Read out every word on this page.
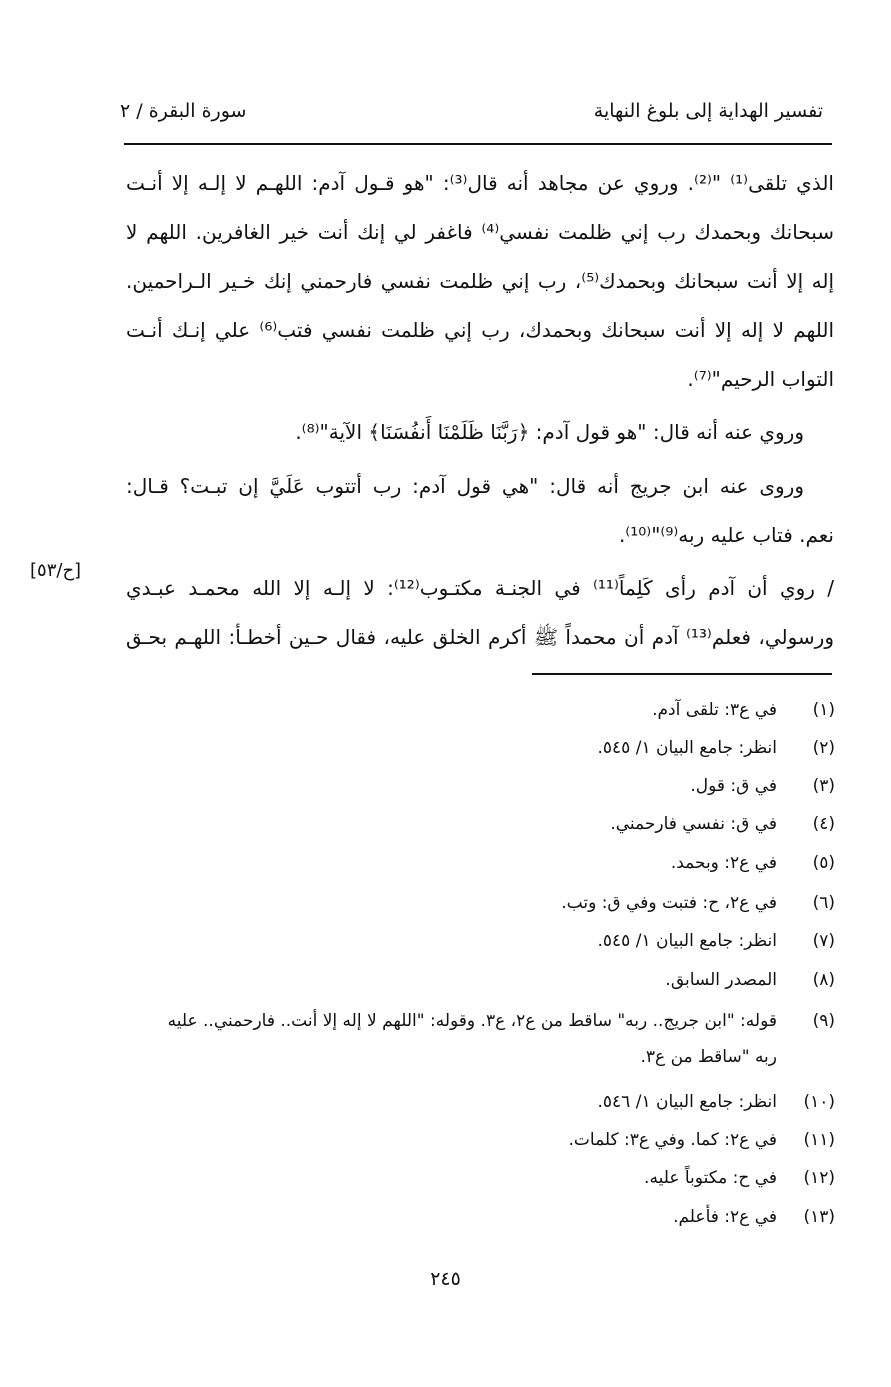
تفسير الهداية إلى بلوغ النهاية
سورة البقرة / ٢
الذي تلقى⁽¹⁾ "⁽²⁾. وروي عن مجاهد أنه قال⁽³⁾: "هو قـول آدم: اللهـم لا إلـه إلا أنـت
سبحانك وبحمدك رب إني ظلمت نفسي⁽⁴⁾ فاغفر لي إنك أنت خير الغافرين. اللهم لا
إله إلا أنت سبحانك وبحمدك⁽⁵⁾، رب إني ظلمت نفسي فارحمني إنك خـير الـراحمين.
اللهم لا إله إلا أنت سبحانك وبحمدك، رب إني ظلمت نفسي فتب⁽⁶⁾ علي إنـك أنـت
التواب الرحيم"⁽⁷⁾.
وروي عنه أنه قال: "هو قول آدم: ﴿رَبَّنَا ظَلَمْنَا أَنفُسَنَا﴾ الآية"⁽⁸⁾.
وروى عنه ابن جريج أنه قال: "هي قول آدم: رب أتتوب عَلَيَّ إن تبـت؟ قـال:
نعم. فتاب عليه ربه⁽⁹⁾"⁽¹⁰⁾.
/ روي أن آدم رأى كَلِماً⁽¹¹⁾ في الجنـة مكتـوب⁽¹²⁾: لا إلـه إلا الله محمـد عبـدي
ورسولي، فعلم⁽¹³⁾ آدم أن محمداً ﷺ أكرم الخلق عليه، فقال حـين أخطـأ: اللهـم بحـق
[ح/٥٣]
(١)في ع٣: تلقى آدم.
(٢)انظر: جامع البيان ١/ ٥٤٥.
(٣)في ق: قول.
(٤)في ق: نفسي فارحمني.
(٥)في ع٢: وبحمد.
(٦)في ع٢، ح: فتبت وفي ق: وتب.
(٧)انظر: جامع البيان ١/ ٥٤٥.
(٨)المصدر السابق.
(٩)قوله: "ابن جريج.. ربه" ساقط من ع٢، ع٣. وقوله: "اللهم لا إله إلا أنت.. فارحمني.. عليه
ربه "ساقط من ع٣.
(١٠)انظر: جامع البيان ١/ ٥٤٦.
(١١)في ع٢: كما. وفي ع٣: كلمات.
(١٢)في ح: مكتوباً عليه.
(١٣)في ع٢: فأعلم.
٢٤٥
